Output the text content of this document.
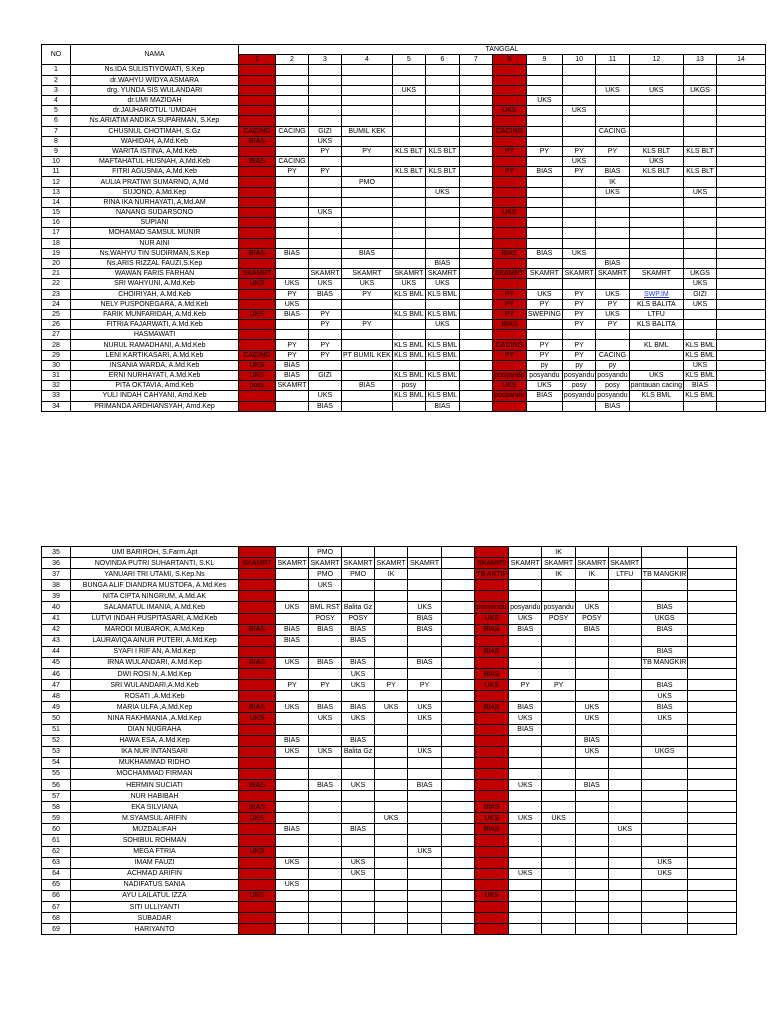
NO	NAMA	TANGGAL													
		1	2	3	4	5	6	7	8	9	10	11	12	13	14
1	Ns.IDA SULISTIYOWATI, S.Kep														
2	dr.WAHYU WIDYA ASMARA														
3	drg. YUNDA SIS WULANDARI					UKS						UKS	UKS	UKGS	
4	dr.UMI MAZIDAH									UKS					
5	dr.JAUHAROTUL 'UMDAH								UKS		UKS				
6	Ns.ARIATIM ANDIKA SUPARMAN, S.Kep														
7	CHUSNUL CHOTIMAH, S.Gz	CACING	CACING	GIZI	BUMIL KEK				CACING			CACING			
8	WAHIDAH, A,Md.Keb	BIAS		UKS											
9	WARITA ISTINA, A,Md.Keb			PY	PY	KLS BLT	KLS BLT		PY	PY	PY	PY	KLS BLT	KLS BLT	
10	MAFTAHATUL HUSNAH, A,Md.Keb	BIAS	CACING								UKS		UKS		
11	FITRI AGUSNIA, A,Md.Keb		PY	PY		KLS BLT	KLS BLT		PY	BIAS	PY	BIAS	KLS BLT	KLS BLT	
12	AULIA PRATIWI SUMARNO, A,Md				PMO							IK			
13	SUJONO, A,Md.Kep						UKS					UKS		UKS	
14	RINA IKA NURHAYATI, A,Md.AM														
15	NANANG SUDARSONO			UKS					UKS						
16	SUPIANI														
17	MOHAMAD SAMSUL MUNIR														
18	NUR AINI														
19	Ns.WAHYU TIN SUDIRMAN,S.Kep	BIAS	BIAS		BIAS				BIAS	BIAS	UKS				
20	Ns.ARIS RIZZAL FAUZI,S.Kep						BIAS					BIAS			
21	WAWAN FARIS FARHAN	SKAMRT		SKAMRT	SKAMRT	SKAMRT	SKAMRT		SKAMRT	SKAMRT	SKAMRT	SKAMRT	SKAMRT	UKGS	
22	SRI WAHYUNI, A.Md.Keb	UKS	UKS	UKS	UKS	UKS	UKS							UKS	
23	CHOIRIYAH, A.Md.Keb		PY	BIAS	PY	KLS BML	KLS BML		PY	UKS	PY	UKS	SWP.IM	GIZI	
24	NELY PUSPONEGARA, A.Md.Keb		UKS						PY	PY	PY	PY	KLS BALITA	UKS	
25	FARIK MUNFARIDAH, A.Md.Keb	UKS	BIAS	PY		KLS BML	KLS BML		PY	SWEPING	PY	UKS	LTFU		
26	FITRIA FAJARWATI, A.Md.Keb			PY	PY		UKS		BIAS		PY	PY	KLS BALITA		
27	HASMAWATI														
28	NURUL RAMADHANI, A.Md.Keb		PY	PY		KLS BML	KLS BML		CACING	PY	PY		KL BML	KLS BML	
29	LENI KARTIKASARI, A.Md.Keb	CACING	PY	PY	PT BUMIL KEK	KLS BML	KLS BML		PY	PY	PY	CACING		KLS BML	
30	INSANIA WARDA, A.Md.Keb	UKS	BIAS							py	py	py		UKS	
31	ERNI NURHAYATI, A.Md.Keb	UKS	BIAS	GIZI		KLS BML	KLS BML		posyandu	posyandu	posyandu	posyandu	UKS	KLS BML	
32	PITA OKTAVIA, Amd.Keb	posy	SKAMRT		BIAS	posy			UKS	UKS	posy	posy	pantauan cacing	BIAS	
33	YULI INDAH CAHYANI, Amd.Keb			UKS		KLS BML	KLS BML		posyandu	BIAS	posyandu	posyandu	KLS BML	KLS BML	
34	PRIMANDA ARDHIANSYAH, Amd.Kep			BIAS			BIAS					BIAS			
35	UMI BARIROH, S.Farm.Apt			PMO							IK				
36	NOVINDA PUTRI SUHARTANTI, S.KL	SKAMRT	SKAMRT	SKAMRT	SKAMRT	SKAMRT	SKAMRT		SKAMRT	SKAMRT	SKAMRT	SKAMRT	SKAMRT		
37	YANUARI TRI UTAMI, S.Kep.Ns			PMO	PMO	IK			TB AKTIF		IK	IK	LTFU	TB MANGKIR	
38	BUNGA ALIF DIANDRA MUSTOFA, A.Md.Kes			UKS											
39	NITA CIPTA NINGRUM, A.Md.AK														
40	SALAMATUL IMANIA, A.Md.Keb		UKS	BML RST	Balita Gz		UKS		posyandu	posyandu	posyandu	UKS		BIAS	
41	LUTVI INDAH PUSPITASARI, A.Md.Keb			POSY	POSY		BIAS		UKS	UKS	POSY	POSY		UKGS	
42	MARODI MUBAROK, A.Md.Kep	BIAS	BIAS	BIAS	BIAS		BIAS		BIAS	BIAS		BIAS		BIAS	
43	LAURAVIQA AINUR PUTERI, A.Md.Kep		BIAS		BIAS										
44	SYAFI I RIF AN, A.Md.Kep								BIAS					BIAS	
45	IRNA WULANDARI, A.Md.Kep	BIAS	UKS	BIAS	BIAS		BIAS							TB MANGKIR	
46	DWI ROSI N, A.Md.Kep				UKS				BIAS						
47	SRI WULANDARI,A.Md.Keb		PY	PY	UKS	PY	PY		UKS	PY	PY			BIAS	
48	ROSATI ,A.Md.Keb													UKS	
49	MARIA ULFA ,A.Md.Kep	BIAS	UKS	BIAS	BIAS	UKS	UKS		BIAS	BIAS		UKS		BIAS	
50	NINA RAKHMANIA ,A.Md.Kep	UKS		UKS	UKS		UKS			UKS		UKS		UKS	
51	DIAN NUGRAHA									BIAS					
52	HAWA ESA, A.Md.Kep		BIAS		BIAS							BIAS			
53	IKA NUR INTANSARI		UKS	UKS	Balita Gz		UKS					UKS		UKGS	
54	MUKHAMMAD RIDHO														
55	MOCHAMMAD FIRMAN														
56	HERMIN SUCIATI	BIAS		BIAS	UKS		BIAS			UKS		BIAS			
57	NUR HABIBAH														
58	EKA SILVIANA	BIAS							BIAS						
59	M.SYAMSUL ARIFIN	UKS				UKS			UKS	UKS	UKS				
60	MUZDALIFAH		BIAS		BIAS				BIAS				UKS		
61	SOHIBUL ROHMAN														
62	MEGA FTRIA	UKS					UKS								
63	IMAM FAUZI		UKS		UKS									UKS	
64	ACHMAD ARIFIN				UKS					UKS				UKS	
65	NADIFATUS SANIA		UKS												
66	AYU LAILATUL IZZA	UKS							UKS						
67	SITI ULLIYANTI														
68	SUBADAR														
69	HARIYANTO														
